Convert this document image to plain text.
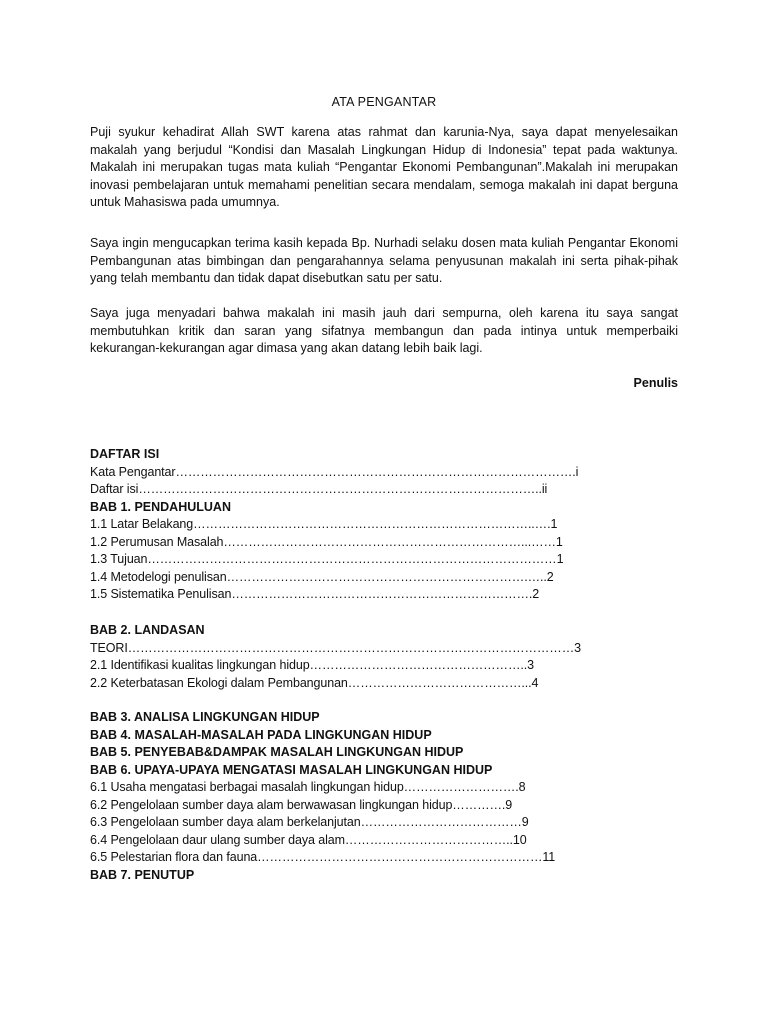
ATA PENGANTAR

Puji syukur kehadirat Allah SWT karena atas rahmat dan karunia-Nya, saya dapat menyelesaikan makalah yang berjudul “Kondisi dan Masalah Lingkungan Hidup di Indonesia” tepat pada waktunya. Makalah ini merupakan tugas mata kuliah “Pengantar Ekonomi Pembangunan”.Makalah ini merupakan inovasi pembelajaran untuk memahami penelitian secara mendalam, semoga makalah ini dapat berguna untuk Mahasiswa pada umumnya.

Saya ingin mengucapkan terima kasih kepada Bp. Nurhadi selaku dosen mata kuliah Pengantar Ekonomi Pembangunan atas bimbingan dan pengarahannya selama penyusunan makalah ini serta pihak-pihak yang telah membantu dan tidak dapat disebutkan satu per satu.

Saya juga menyadari bahwa makalah ini masih jauh dari sempurna, oleh karena itu saya sangat membutuhkan kritik dan saran yang sifatnya membangun dan pada intinya untuk memperbaiki kekurangan-kekurangan agar dimasa yang akan datang lebih baik lagi.

Penulis
DAFTAR ISI
Kata Pengantar…………………………………………………………………………………….i
Daftar isi……………………………………………………………………………………..ii
BAB 1. PENDAHULUAN
1.1 Latar Belakang………………………………………………………………………..….1
1.2 Perumusan Masalah………………………………………………………………...……1
1.3 Tujuan………………………………………………………………………………………1
1.4 Metodelogi penulisan……………………………………………………………….…..2
1.5 Sistematika Penulisan……………………………………………………………….2
BAB 2. LANDASAN
TEORI………………………………………………………………………………………………3
2.1 Identifikasi kualitas lingkungan hidup……………………………………………..3
2.2 Keterbatasan Ekologi dalam Pembangunan……………………………………...4
BAB 3. ANALISA LINGKUNGAN HIDUP
BAB 4. MASALAH-MASALAH PADA LINGKUNGAN HIDUP
BAB 5. PENYEBAB&DAMPAK MASALAH LINGKUNGAN HIDUP
BAB 6. UPAYA-UPAYA MENGATASI MASALAH LINGKUNGAN HIDUP
6.1 Usaha mengatasi berbagai masalah lingkungan hidup……………………….8
6.2 Pengelolaan sumber daya alam berwawasan lingkungan hidup………….9
6.3 Pengelolaan sumber daya alam berkelanjutan…………………………………9
6.4 Pengelolaan daur ulang sumber daya alam…………………………………..10
6.5 Pelestarian flora dan fauna……………………………………………………………11
BAB 7. PENUTUP
